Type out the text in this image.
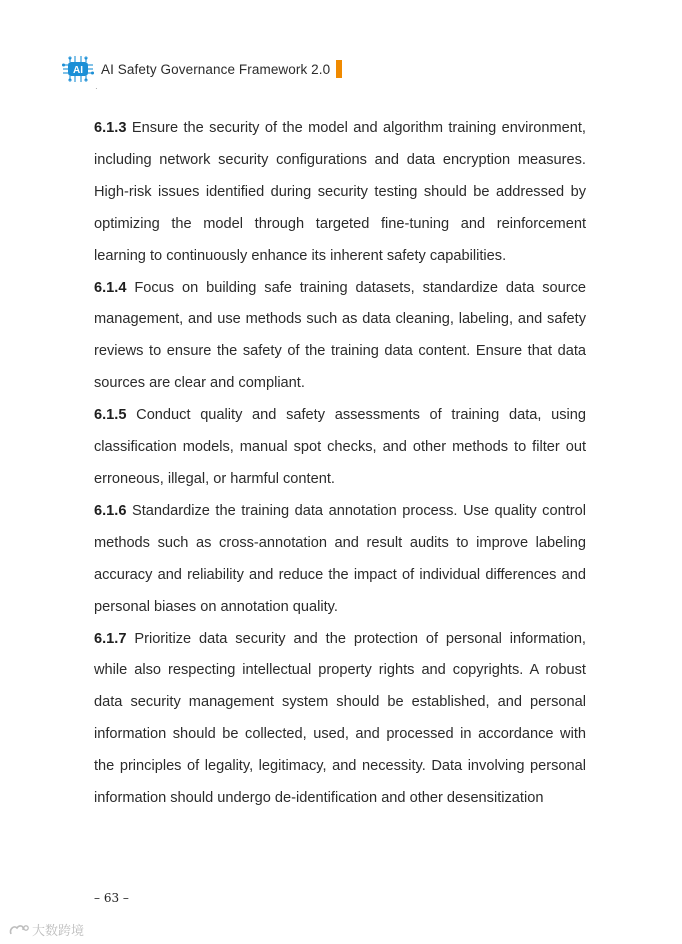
AI AI Safety Governance Framework 2.0
·

6.1.3 Ensure the security of the model and algorithm training environment, including network security configurations and data encryption measures. High-risk issues identified during security testing should be addressed by optimizing the model through targeted fine-tuning and reinforcement learning to continuously enhance its inherent safety capabilities.

6.1.4 Focus on building safe training datasets, standardize data source management, and use methods such as data cleaning, labeling, and safety reviews to ensure the safety of the training data content. Ensure that data sources are clear and compliant.

6.1.5 Conduct quality and safety assessments of training data, using classification models, manual spot checks, and other methods to filter out erroneous, illegal, or harmful content.

6.1.6 Standardize the training data annotation process. Use quality control methods such as cross-annotation and result audits to improve labeling accuracy and reliability and reduce the impact of individual differences and personal biases on annotation quality.

6.1.7 Prioritize data security and the protection of personal information, while also respecting intellectual property rights and copyrights. A robust data security management system should be established, and personal information should be collected, used, and processed in accordance with the principles of legality, legitimacy, and necessity. Data involving personal information should undergo de-identification and other desensitization

– 63 –
大数跨境
